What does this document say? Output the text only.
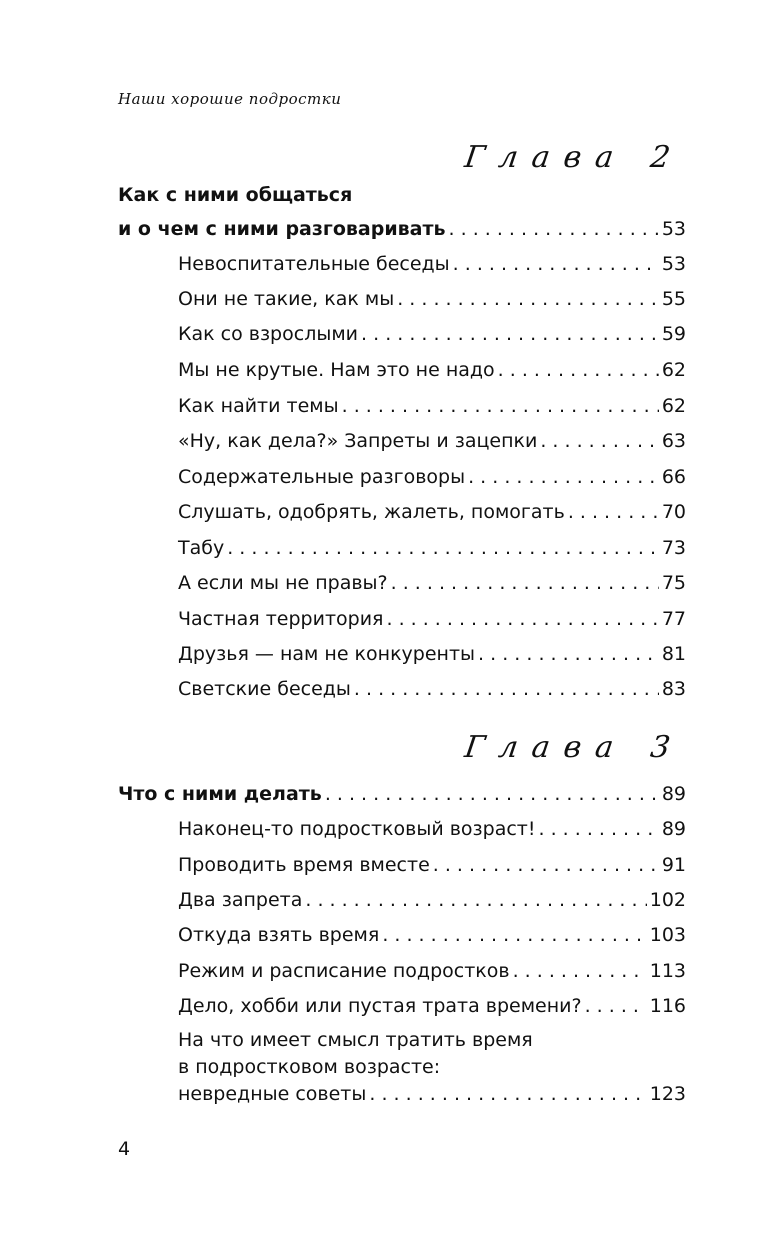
Наши хорошие подростки
Глава 2
Как с ними общаться
и о чем с ними разговаривать . . .	53
Невоспитательные беседы . . .	53
Они не такие, как мы . . .	55
Как со взрослыми . . .	59
Мы не крутые. Нам это не надо . . .	62
Как найти темы . . .	62
«Ну, как дела?» Запреты и зацепки . . .	63
Содержательные разговоры . . .	66
Слушать, одобрять, жалеть, помогать . . .	70
Табу . . .	73
А если мы не правы? . . .	75
Частная территория . . .	77
Друзья — нам не конкуренты . . .	81
Светские беседы . . .	83
Глава 3
Что с ними делать . . .	89
Наконец-то подростковый возраст! . . .	89
Проводить время вместе . . .	91
Два запрета . . .	102
Откуда взять время . . .	103
Режим и расписание подростков . . .	113
Дело, хобби или пустая трата времени? . . .	116
На что имеет смысл тратить время
в подростковом возрасте:
невредные советы . . .	123
4
